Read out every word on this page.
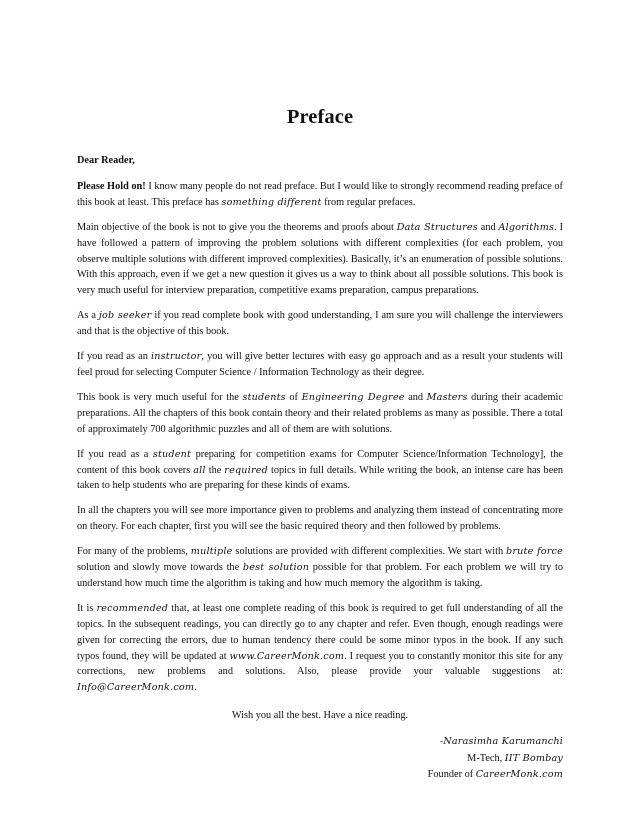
Preface

Dear Reader,

Please Hold on! I know many people do not read preface. But I would like to strongly recommend reading preface of this book at least. This preface has something different from regular prefaces.

Main objective of the book is not to give you the theorems and proofs about Data Structures and Algorithms. I have followed a pattern of improving the problem solutions with different complexities (for each problem, you observe multiple solutions with different improved complexities). Basically, it’s an enumeration of possible solutions. With this approach, even if we get a new question it gives us a way to think about all possible solutions. This book is very much useful for interview preparation, competitive exams preparation, campus preparations.

As a job seeker if you read complete book with good understanding, I am sure you will challenge the interviewers and that is the objective of this book.

If you read as an instructor, you will give better lectures with easy go approach and as a result your students will feel proud for selecting Computer Science / Information Technology as their degree.

This book is very much useful for the students of Engineering Degree and Masters during their academic preparations. All the chapters of this book contain theory and their related problems as many as possible. There a total of approximately 700 algorithmic puzzles and all of them are with solutions.

If you read as a student preparing for competition exams for Computer Science/Information Technology], the content of this book covers all the required topics in full details. While writing the book, an intense care has been taken to help students who are preparing for these kinds of exams.

In all the chapters you will see more importance given to problems and analyzing them instead of concentrating more on theory. For each chapter, first you will see the basic required theory and then followed by problems.

For many of the problems, multiple solutions are provided with different complexities. We start with brute force solution and slowly move towards the best solution possible for that problem. For each problem we will try to understand how much time the algorithm is taking and how much memory the algorithm is taking.

It is recommended that, at least one complete reading of this book is required to get full understanding of all the topics. In the subsequent readings, you can directly go to any chapter and refer. Even though, enough readings were given for correcting the errors, due to human tendency there could be some minor typos in the book. If any such typos found, they will be updated at www.CareerMonk.com. I request you to constantly monitor this site for any corrections, new problems and solutions. Also, please provide your valuable suggestions at: Info@CareerMonk.com.

Wish you all the best. Have a nice reading.

-Narasimha Karumanchi

M-Tech, IIT Bombay

Founder of CareerMonk.com
